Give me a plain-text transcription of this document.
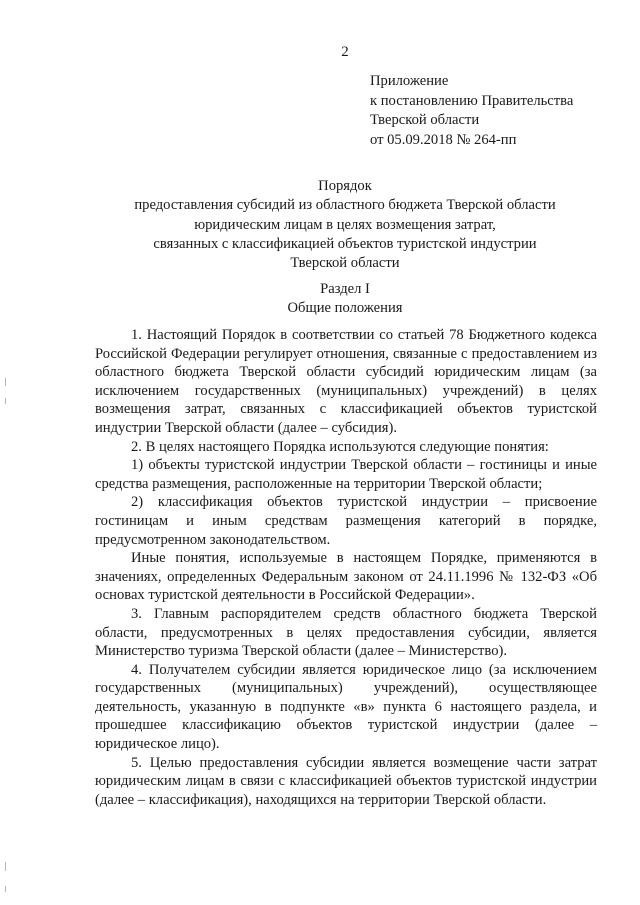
2
Приложение
к постановлению Правительства
Тверской области
от 05.09.2018 № 264-пп
Порядок
предоставления субсидий из областного бюджета Тверской области
юридическим лицам в целях возмещения затрат,
связанных с классификацией объектов туристской индустрии
Тверской области
Раздел I
Общие положения

1. Настоящий Порядок в соответствии со статьей 78 Бюджетного кодекса Российской Федерации регулирует отношения, связанные с предоставлением из областного бюджета Тверской области субсидий юридическим лицам (за исключением государственных (муниципальных) учреждений) в целях возмещения затрат, связанных с классификацией объектов туристской индустрии Тверской области (далее – субсидия).

2. В целях настоящего Порядка используются следующие понятия:

1) объекты туристской индустрии Тверской области – гостиницы и иные средства размещения, расположенные на территории Тверской области;

2) классификация объектов туристской индустрии – присвоение гостиницам и иным средствам размещения категорий в порядке, предусмотренном законодательством.

Иные понятия, используемые в настоящем Порядке, применяются в значениях, определенных Федеральным законом от 24.11.1996 № 132-ФЗ «Об основах туристской деятельности в Российской Федерации».

3. Главным распорядителем средств областного бюджета Тверской области, предусмотренных в целях предоставления субсидии, является Министерство туризма Тверской области (далее – Министерство).

4. Получателем субсидии является юридическое лицо (за исключением государственных (муниципальных) учреждений), осуществляющее деятельность, указанную в подпункте «в» пункта 6 настоящего раздела, и прошедшее классификацию объектов туристской индустрии (далее – юридическое лицо).

5. Целью предоставления субсидии является возмещение части затрат юридическим лицам в связи с классификацией объектов туристской индустрии (далее – классификация), находящихся на территории Тверской области.
